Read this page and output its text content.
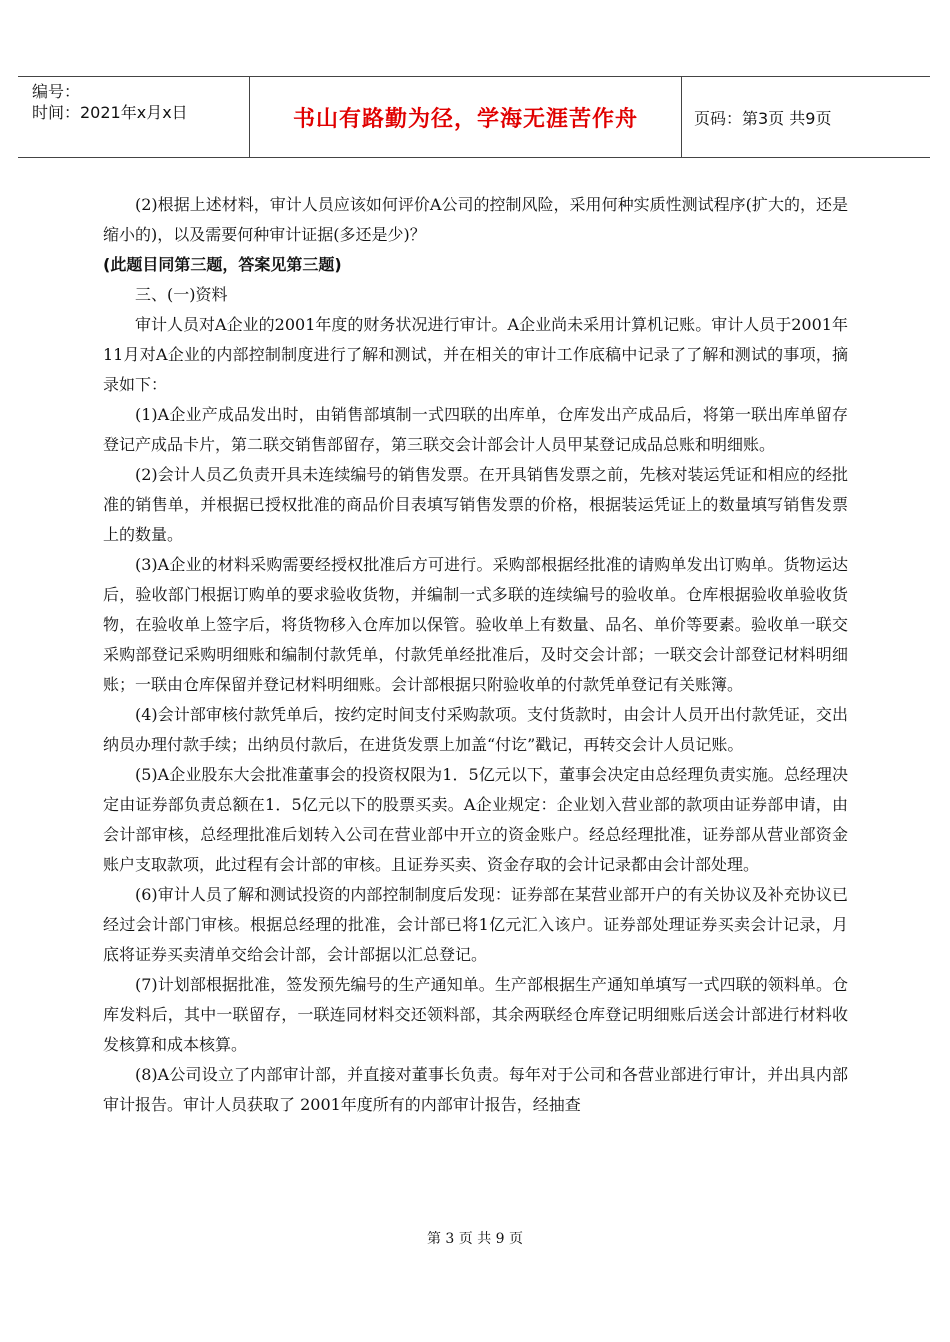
编号：
时间：2021年x月x日	书山有路勤为径，学海无涯苦作舟	页码：第3页 共9页

(2)根据上述材料，审计人员应该如何评价A公司的控制风险，采用何种实质性测试程序(扩大的，还是缩小的)，以及需要何种审计证据(多还是少)？

(此题目同第三题，答案见第三题)

三、(一)资料

审计人员对A企业的2001年度的财务状况进行审计。A企业尚未采用计算机记账。审计人员于2001年11月对A企业的内部控制制度进行了解和测试，并在相关的审计工作底稿中记录了了解和测试的事项，摘录如下：

(1)A企业产成品发出时，由销售部填制一式四联的出库单，仓库发出产成品后，将第一联出库单留存登记产成品卡片，第二联交销售部留存，第三联交会计部会计人员甲某登记成品总账和明细账。

(2)会计人员乙负责开具未连续编号的销售发票。在开具销售发票之前，先核对装运凭证和相应的经批准的销售单，并根据已授权批准的商品价目表填写销售发票的价格，根据装运凭证上的数量填写销售发票上的数量。

(3)A企业的材料采购需要经授权批准后方可进行。采购部根据经批准的请购单发出订购单。货物运达后，验收部门根据订购单的要求验收货物，并编制一式多联的连续编号的验收单。仓库根据验收单验收货物，在验收单上签字后，将货物移入仓库加以保管。验收单上有数量、品名、单价等要素。验收单一联交采购部登记采购明细账和编制付款凭单，付款凭单经批准后，及时交会计部；一联交会计部登记材料明细账；一联由仓库保留并登记材料明细账。会计部根据只附验收单的付款凭单登记有关账簿。

(4)会计部审核付款凭单后，按约定时间支付采购款项。支付货款时，由会计人员开出付款凭证，交出纳员办理付款手续；出纳员付款后，在进货发票上加盖“付讫”戳记，再转交会计人员记账。

(5)A企业股东大会批准董事会的投资权限为1．5亿元以下，董事会决定由总经理负责实施。总经理决定由证券部负责总额在1．5亿元以下的股票买卖。A企业规定：企业划入营业部的款项由证券部申请，由会计部审核，总经理批准后划转入公司在营业部中开立的资金账户。经总经理批准，证券部从营业部资金账户支取款项，此过程有会计部的审核。且证券买卖、资金存取的会计记录都由会计部处理。

(6)审计人员了解和测试投资的内部控制制度后发现：证券部在某营业部开户的有关协议及补充协议已经过会计部门审核。根据总经理的批准，会计部已将1亿元汇入该户。证券部处理证券买卖会计记录，月底将证券买卖清单交给会计部，会计部据以汇总登记。

(7)计划部根据批准，签发预先编号的生产通知单。生产部根据生产通知单填写一式四联的领料单。仓库发料后，其中一联留存，一联连同材料交还领料部，其余两联经仓库登记明细账后送会计部进行材料收发核算和成本核算。

(8)A公司设立了内部审计部，并直接对董事长负责。每年对于公司和各营业部进行审计，并出具内部审计报告。审计人员获取了 2001年度所有的内部审计报告，经抽查

第 3 页 共 9 页
